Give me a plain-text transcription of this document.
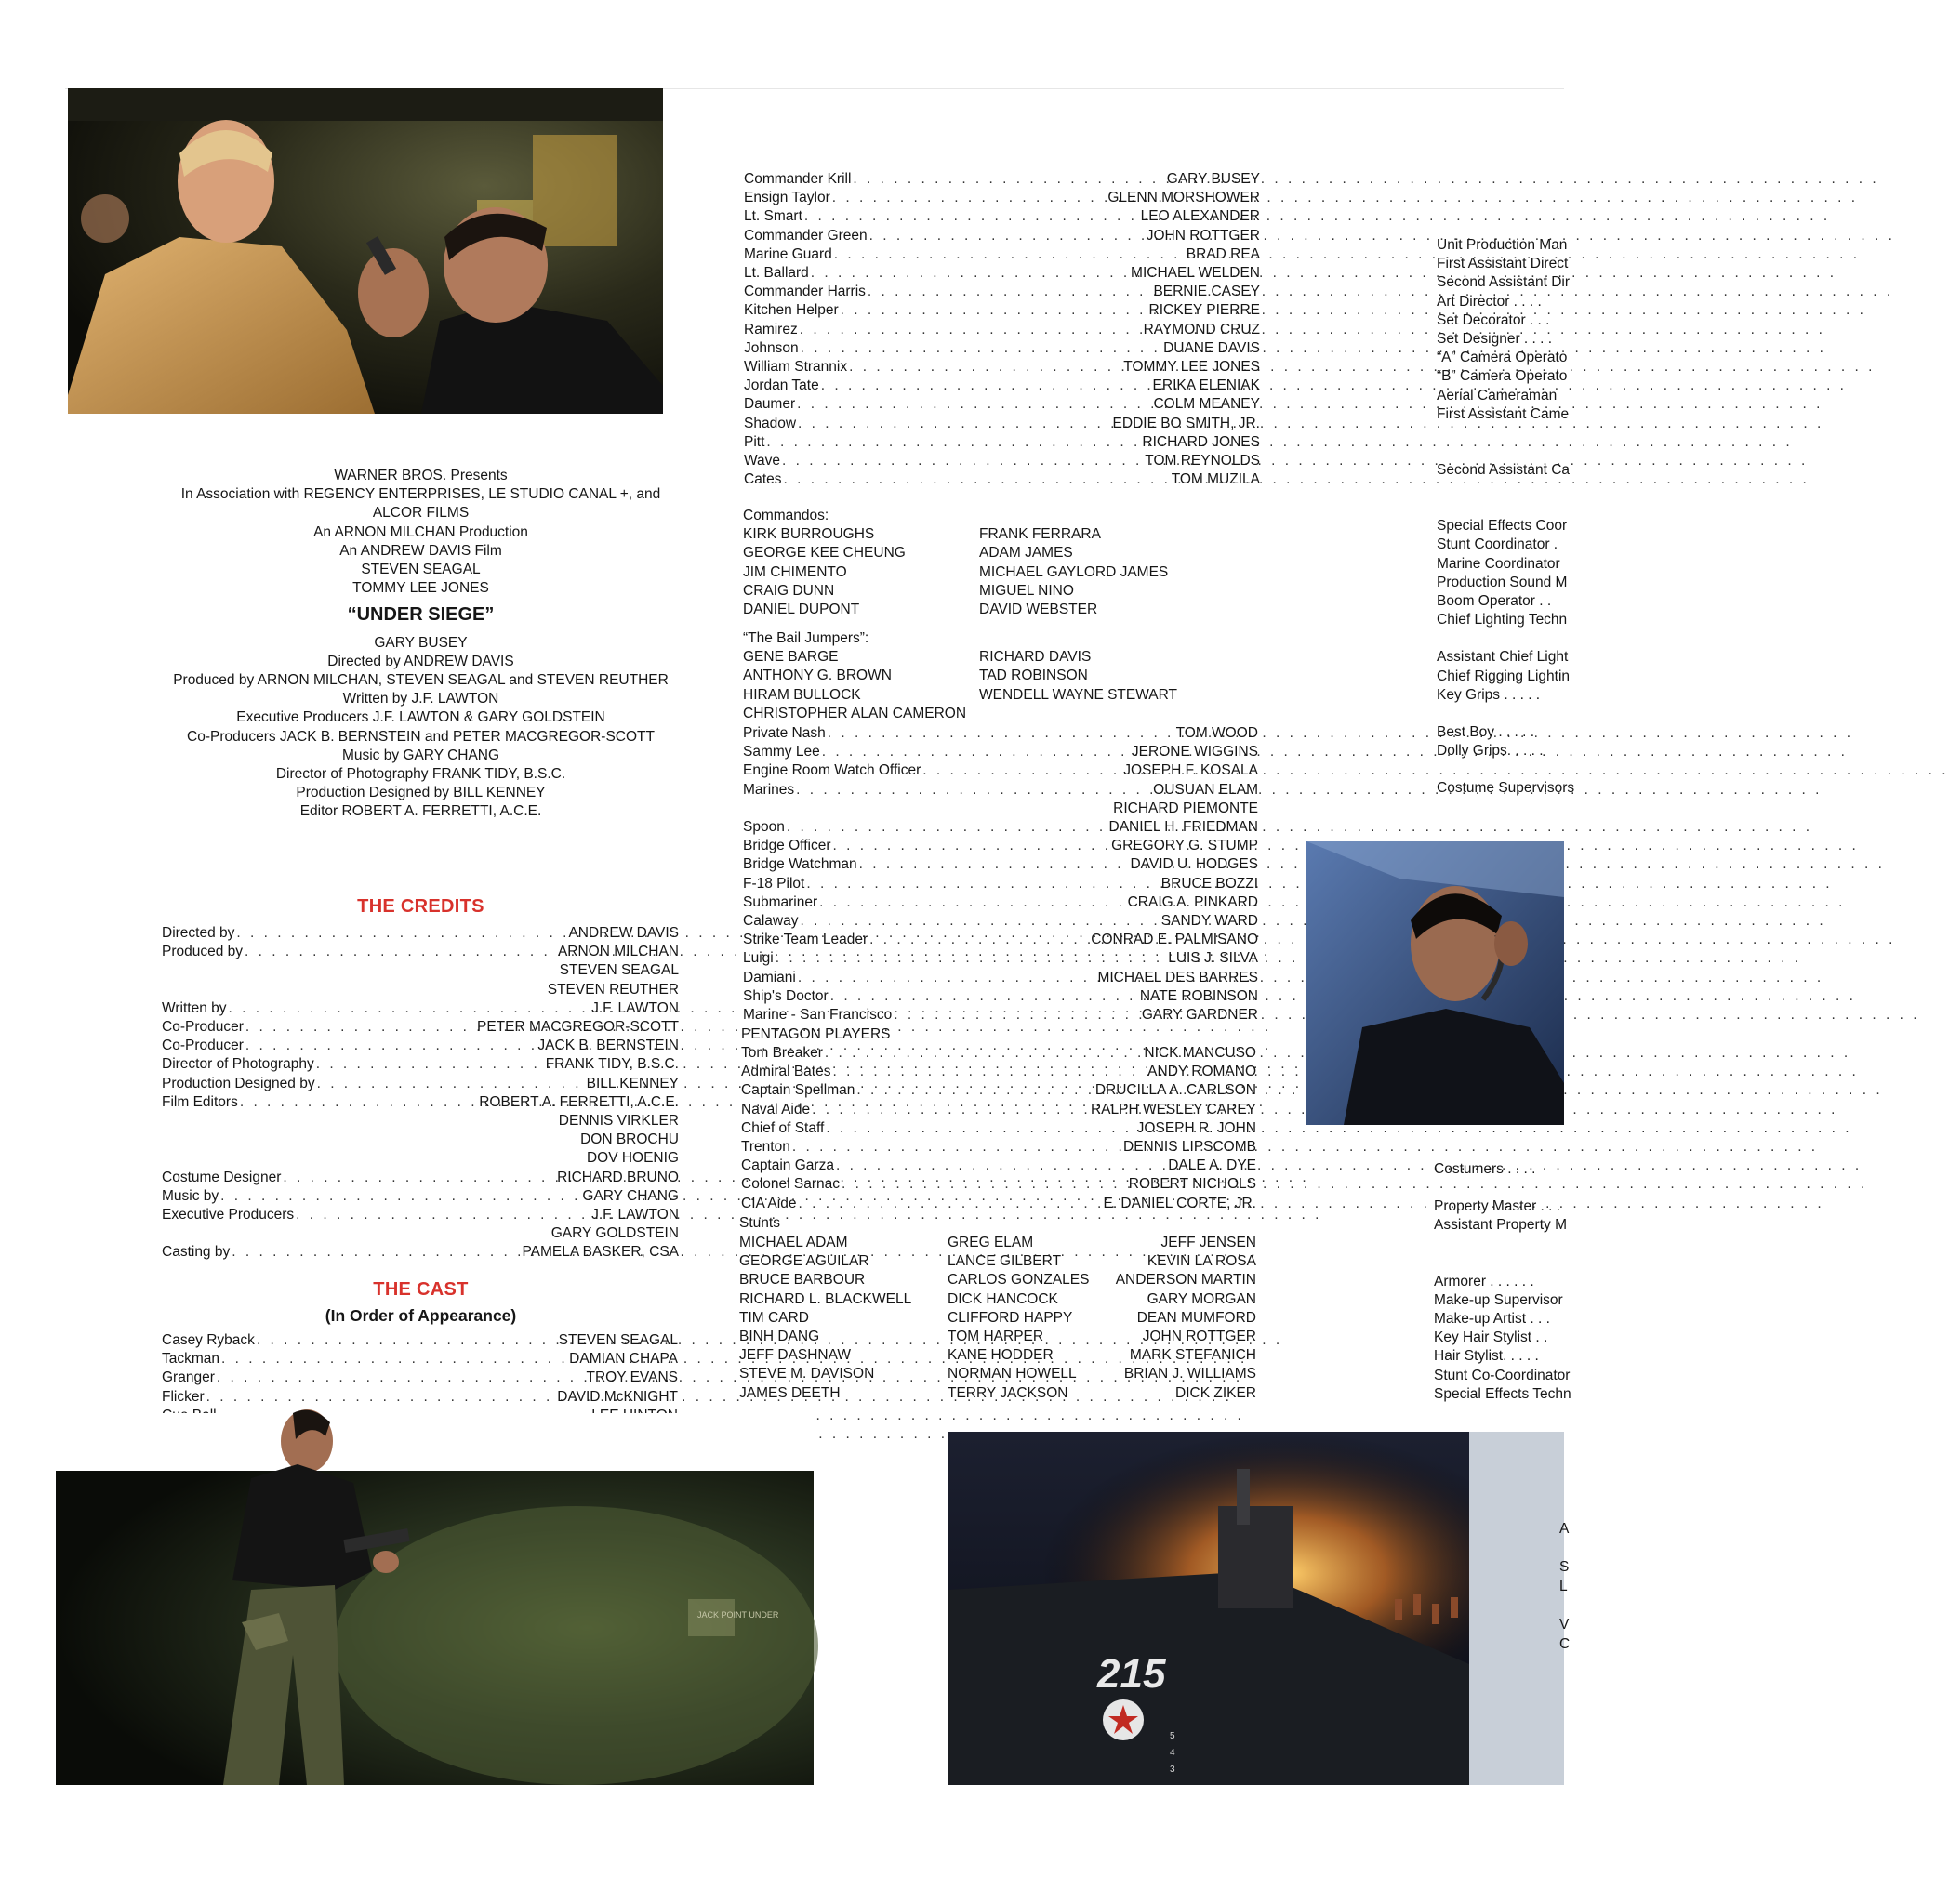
WARNER BROS. Presents
In Association with REGENCY ENTERPRISES, LE STUDIO CANAL +, and
ALCOR FILMS
An ARNON MILCHAN Production
An ANDREW DAVIS Film
STEVEN SEAGAL
TOMMY LEE JONES
“UNDER SIEGE”
GARY BUSEY
Directed by ANDREW DAVIS
Produced by ARNON MILCHAN, STEVEN SEAGAL and STEVEN REUTHER
Written by J.F. LAWTON
Executive Producers J.F. LAWTON & GARY GOLDSTEIN
Co-Producers JACK B. BERNSTEIN and PETER MACGREGOR-SCOTT
Music by GARY CHANG
Director of Photography FRANK TIDY, B.S.C.
Production Designed by BILL KENNEY
Editor ROBERT A. FERRETTI, A.C.E.
THE CREDITS
Directed by . . .	ANDREW DAVIS
Produced by . . .	ARNON MILCHAN
STEVEN SEAGAL
STEVEN REUTHER
Written by . . .	J.F. LAWTON
Co-Producer . . .	PETER MACGREGOR-SCOTT
Co-Producer . . .	JACK B. BERNSTEIN
Director of Photography . . .	FRANK TIDY, B.S.C.
Production Designed by . . .	BILL KENNEY
Film Editors . . .	ROBERT A. FERRETTI, A.C.E.
DENNIS VIRKLER
DON BROCHU
DOV HOENIG
Costume Designer . . .	RICHARD BRUNO
Music by . . .	GARY CHANG
Executive Producers . . .	J.F. LAWTON
GARY GOLDSTEIN
Casting by . . .	PAMELA BASKER, CSA
THE CAST
(In Order of Appearance)
Casey Ryback . . .	STEVEN SEAGAL
Tackman . . .	DAMIAN CHAPA
Granger . . .	TROY EVANS
Flicker . . .	DAVID McKNIGHT
. . .
. . .
JACK POINT UNDER
Commander Krill . . .	GARY BUSEY
Ensign Taylor . . .	GLENN MORSHOWER
Lt. Smart . . .	LEO ALEXANDER
Commander Green . . .	JOHN ROTTGER
Marine Guard . . .	BRAD REA
Lt. Ballard . . .	MICHAEL WELDEN
Commander Harris . . .	BERNIE CASEY
Kitchen Helper . . .	RICKEY PIERRE
Ramirez . . .	RAYMOND CRUZ
Johnson . . .	DUANE DAVIS
William Strannix . . .	TOMMY LEE JONES
Jordan Tate . . .	ERIKA ELENIAK
Daumer . . .	COLM MEANEY
Shadow . . .	EDDIE BO SMITH, JR.
Pitt . . .	RICHARD JONES
Wave . . .	TOM REYNOLDS
Cates . . .	TOM MUZILA
Commandos:
KIRK BURROUGHS
GEORGE KEE CHEUNG
JIM CHIMENTO
CRAIG DUNN
DANIEL DUPONT
FRANK FERRARA
ADAM JAMES
MICHAEL GAYLORD JAMES
MIGUEL NINO
DAVID WEBSTER
“The Bail Jumpers”:
GENE BARGE
ANTHONY G. BROWN
HIRAM BULLOCK
CHRISTOPHER ALAN CAMERON
RICHARD DAVIS
TAD ROBINSON
WENDELL WAYNE STEWART
Private Nash . . .	TOM WOOD
Sammy Lee . . .	JERONE WIGGINS
Engine Room Watch Officer . . .	JOSEPH F. KOSALA
Marines . . .	OUSUAN ELAM
RICHARD PIEMONTE
Spoon . . .	DANIEL H. FRIEDMAN
Bridge Officer . . .	GREGORY G. STUMP
Bridge Watchman . . .	DAVID U. HODGES
F-18 Pilot . . .	BRUCE BOZZI
Submariner . . .	CRAIG A. PINKARD
Calaway . . .	SANDY WARD
Strike Team Leader . . .	CONRAD E. PALMISANO
Luigi . . .	LUIS J. SILVA
Damiani . . .	MICHAEL DES BARRES
Ship's Doctor . . .	NATE ROBINSON
Marine - San Francisco . . .	GARY GARDNER
PENTAGON PLAYERS
Tom Breaker . . .	NICK MANCUSO
Admiral Bates . . .	ANDY ROMANO
Captain Spellman . . .	DRUCILLA A. CARLSON
Naval Aide . . .	RALPH WESLEY CAREY
Chief of Staff . . .	JOSEPH R. JOHN
Trenton . . .	DENNIS LIPSCOMB
Captain Garza . . .	DALE A. DYE
Colonel Sarnac . . .	ROBERT NICHOLS
CIA Aide . . .	E. DANIEL CORTE, JR.
Stunts
MICHAEL ADAM
GEORGE AGUILAR
BRUCE BARBOUR
RICHARD L. BLACKWELL
TIM CARD
BINH DANG
JEFF DASHNAW
STEVE M. DAVISON
JAMES DEETH
GREG ELAM
LANCE GILBERT
CARLOS GONZALES
DICK HANCOCK
CLIFFORD HAPPY
TOM HARPER
KANE HODDER
NORMAN HOWELL
TERRY JACKSON
JEFF JENSEN
KEVIN LA ROSA
ANDERSON MARTIN
GARY MORGAN
DEAN MUMFORD
JOHN ROTTGER
MARK STEFANICH
BRIAN J. WILLIAMS
DICK ZIKER
215
5
4
3
Unit Production Man
First Assistant Direct
Second Assistant Dir
Art Director . . . .
Set Decorator . . .
Set Designer . . . .
“A” Camera Operato
“B” Camera Operato
Aerial Cameraman
First Assistant Came
Second Assistant Ca
Special Effects Coor
Stunt Coordinator .
Marine Coordinator
Production Sound M
Boom Operator . .
Chief Lighting Techn
Assistant Chief Light
Chief Rigging Lightin
Key Grips . . . . .
Best Boy . . . . .
Dolly Grips. . . . .
Costume Supervisors
Costumers . . . .
Property Master . . .
Assistant Property M
Armorer . . . . . .
Make-up Supervisor
Make-up Artist . . .
Key Hair Stylist . .
Hair Stylist. . . . .
Stunt Co-Coordinator
Special Effects Techn
A
S
L
V
C
